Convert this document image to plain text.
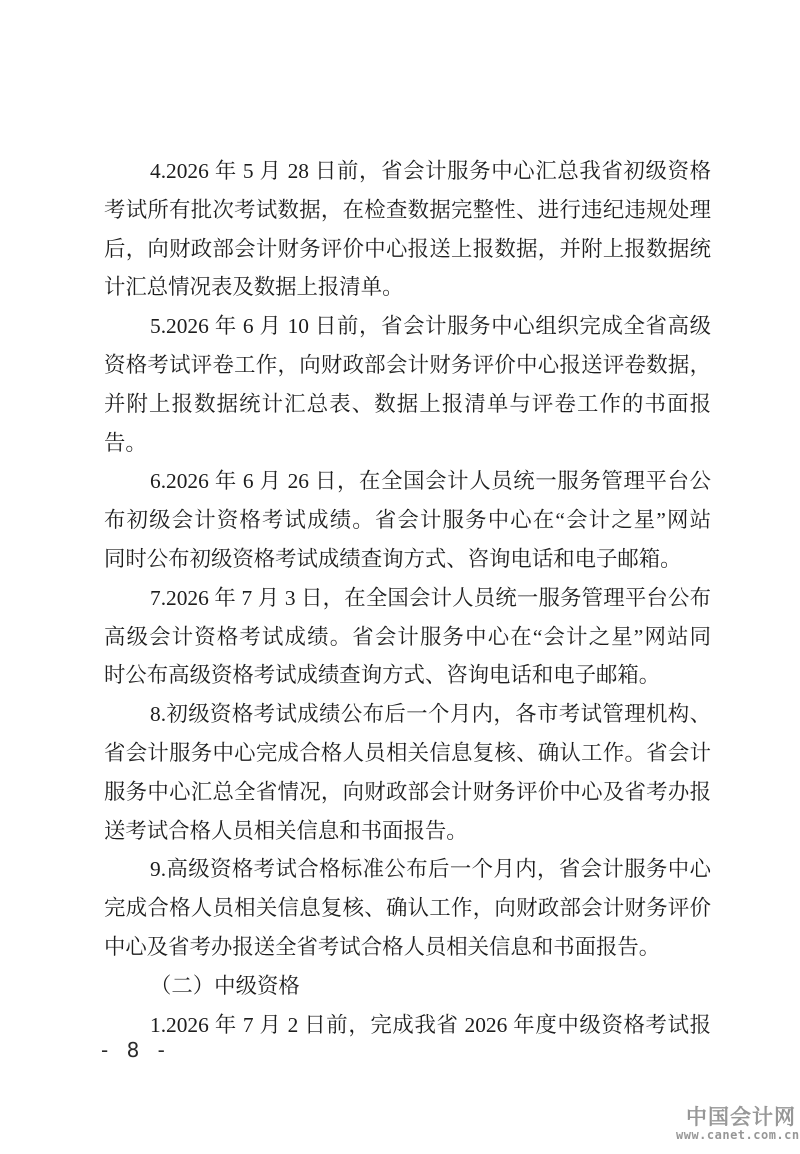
4.2026 年 5 月 28 日前，省会计服务中心汇总我省初级资格
考试所有批次考试数据，在检查数据完整性、进行违纪违规处理
后，向财政部会计财务评价中心报送上报数据，并附上报数据统
计汇总情况表及数据上报清单。
5.2026 年 6 月 10 日前，省会计服务中心组织完成全省高级
资格考试评卷工作，向财政部会计财务评价中心报送评卷数据，
并附上报数据统计汇总表、数据上报清单与评卷工作的书面报告。
6.2026 年 6 月 26 日，在全国会计人员统一服务管理平台公
布初级会计资格考试成绩。省会计服务中心在“会计之星”网站
同时公布初级资格考试成绩查询方式、咨询电话和电子邮箱。
7.2026 年 7 月 3 日，在全国会计人员统一服务管理平台公布
高级会计资格考试成绩。省会计服务中心在“会计之星”网站同
时公布高级资格考试成绩查询方式、咨询电话和电子邮箱。
8.初级资格考试成绩公布后一个月内，各市考试管理机构、
省会计服务中心完成合格人员相关信息复核、确认工作。省会计
服务中心汇总全省情况，向财政部会计财务评价中心及省考办报
送考试合格人员相关信息和书面报告。
9.高级资格考试合格标准公布后一个月内，省会计服务中心
完成合格人员相关信息复核、确认工作，向财政部会计财务评价
中心及省考办报送全省考试合格人员相关信息和书面报告。
（二）中级资格
1.2026 年 7 月 2 日前，完成我省 2026 年度中级资格考试报
- 8 -
中国会计网
www.canet.com.cn
